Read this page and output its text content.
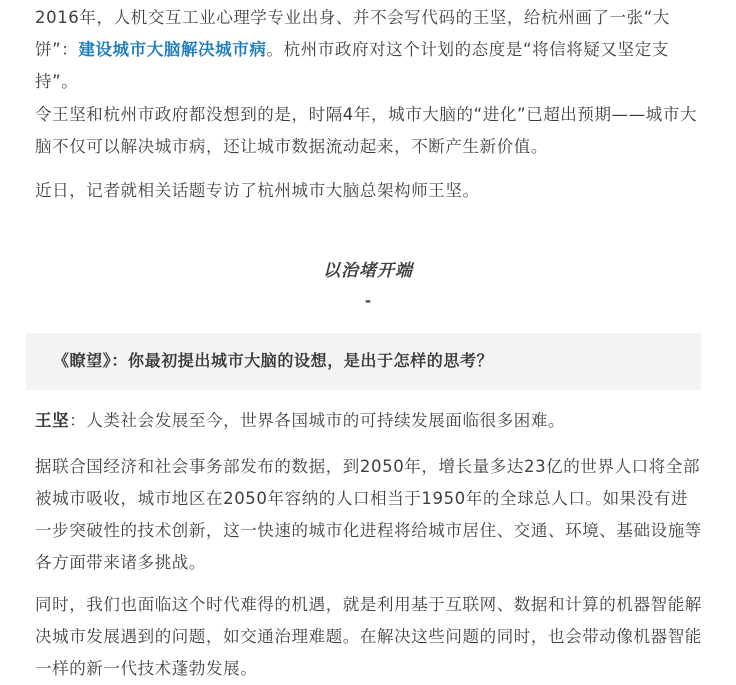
2016年，人机交互工业心理学专业出身、并不会写代码的王坚，给杭州画了一张“大饼”：建设城市大脑解决城市病。杭州市政府对这个计划的态度是“将信将疑又坚定支持”。

令王坚和杭州市政府都没想到的是，时隔4年，城市大脑的“进化”已超出预期——城市大脑不仅可以解决城市病，还让城市数据流动起来，不断产生新价值。

近日，记者就相关话题专访了杭州城市大脑总架构师王坚。

以治堵开端
-

《瞭望》：你最初提出城市大脑的设想，是出于怎样的思考？

王坚：人类社会发展至今，世界各国城市的可持续发展面临很多困难。

据联合国经济和社会事务部发布的数据，到2050年，增长量多达23亿的世界人口将全部被城市吸收，城市地区在2050年容纳的人口相当于1950年的全球总人口。如果没有进一步突破性的技术创新，这一快速的城市化进程将给城市居住、交通、环境、基础设施等各方面带来诸多挑战。

同时，我们也面临这个时代难得的机遇，就是利用基于互联网、数据和计算的机器智能解决城市发展遇到的问题，如交通治理难题。在解决这些问题的同时，也会带动像机器智能一样的新一代技术蓬勃发展。
